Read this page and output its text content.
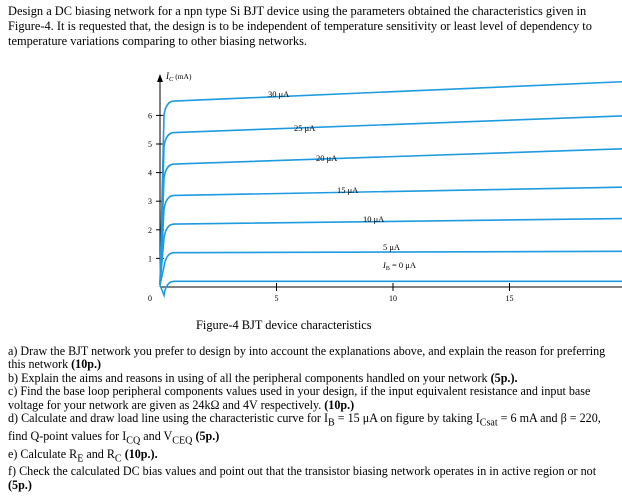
Design a DC biasing network for a npn type Si BJT device using the parameters obtained the characteristics given in Figure-4. It is requested that, the design is to be independent of temperature sensitivity or least level of dependency to temperature variations comparing to other biasing networks.

0
1
2
3
4
5
6
5	10	15
30 μA
25 μA
20 μA
15 μA
10 μA
5 μA
$I_B = 0$ μA
$I_C$ $^{(mA)}$
Figure-4 BJT device characteristics

a) Draw the BJT network you prefer to design by into account the explanations above, and explain the reason for preferring this network (10p.)

b) Explain the aims and reasons in using of all the peripheral components handled on your network (5p.).

c) Find the base loop peripheral components values used in your design, if the input equivalent resistance and input base voltage for your network are given as 24kΩ and 4V respectively. (10p.)

d) Calculate and draw load line using the characteristic curve for $I_B = 15$ μA on figure by taking $I_{Csat} = 6$ mA and β = 220, find Q-point values for $I_{CQ}$ and $V_{CEQ}$ (5p.)

e) Calculate $R_E$ and $R_C$ (10p.).

f) Check the calculated DC bias values and point out that the transistor biasing network operates in in active region or not (5p.)
